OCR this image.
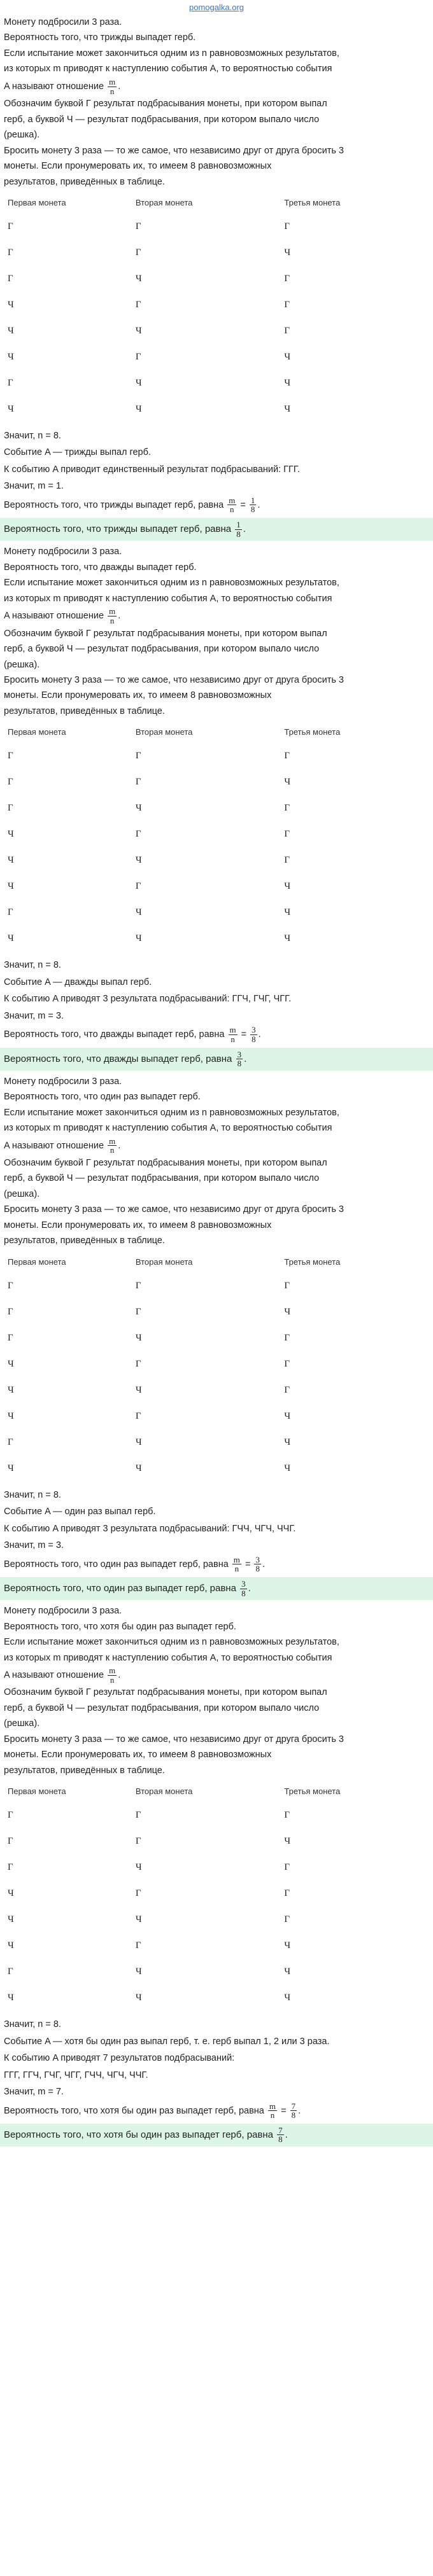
pomogalka.org
Монету подбросили 3 раза.
Вероятность того, что трижды выпадет герб.
Если испытание может закончиться одним из n равновозможных результатов,
из которых m приводят к наступлению события A, то вероятностью события
A называют отношение $\frac{m}{n}$ .
Обозначим буквой Г результат подбрасывания монеты, при котором выпал
герб, а буквой Ч — результат подбрасывания, при котором выпало число
(решка).
Бросить монету 3 раза — то же самое, что независимо друг от друга бросить 3
монеты. Если пронумеровать их, то имеем 8 равновозможных
результатов, приведённых в таблице.
Первая монета	Вторая монета	Третья монета
Г	Г	Г
Г	Г	Ч
Г	Ч	Г
Ч	Г	Г
Ч	Ч	Г
Ч	Г	Ч
Г	Ч	Ч
Ч	Ч	Ч
Значит, n = 8.
Событие A — трижды выпал герб.
К событию A приводит единственный результат подбрасываний: ГГГ.
Значит, m = 1.
Вероятность того, что трижды выпадет герб, равна $\frac{m}{n} = \frac{1}{8}$ .
Вероятность того, что трижды выпадет герб, равна $\frac{1}{8}$ .
Монету подбросили 3 раза.
Вероятность того, что дважды выпадет герб.
Если испытание может закончиться одним из n равновозможных результатов,
из которых m приводят к наступлению события A, то вероятностью события
A называют отношение $\frac{m}{n}$ .
Обозначим буквой Г результат подбрасывания монеты, при котором выпал
герб, а буквой Ч — результат подбрасывания, при котором выпало число
(решка).
Бросить монету 3 раза — то же самое, что независимо друг от друга бросить 3
монеты. Если пронумеровать их, то имеем 8 равновозможных
результатов, приведённых в таблице.
Первая монета	Вторая монета	Третья монета
Г	Г	Г
Г	Г	Ч
Г	Ч	Г
Ч	Г	Г
Ч	Ч	Г
Ч	Г	Ч
Г	Ч	Ч
Ч	Ч	Ч
Значит, n = 8.
Событие A — дважды выпал герб.
К событию A приводят 3 результата подбрасываний: ГГЧ, ГЧГ, ЧГГ.
Значит, m = 3.
Вероятность того, что дважды выпадет герб, равна $\frac{m}{n} = \frac{3}{8}$ .
Вероятность того, что дважды выпадет герб, равна $\frac{3}{8}$ .
Монету подбросили 3 раза.
Вероятность того, что один раз выпадет герб.
Если испытание может закончиться одним из n равновозможных результатов,
из которых m приводят к наступлению события A, то вероятностью события
A называют отношение $\frac{m}{n}$ .
Обозначим буквой Г результат подбрасывания монеты, при котором выпал
герб, а буквой Ч — результат подбрасывания, при котором выпало число
(решка).
Бросить монету 3 раза — то же самое, что независимо друг от друга бросить 3
монеты. Если пронумеровать их, то имеем 8 равновозможных
результатов, приведённых в таблице.
Первая монета	Вторая монета	Третья монета
Г	Г	Г
Г	Г	Ч
Г	Ч	Г
Ч	Г	Г
Ч	Ч	Г
Ч	Г	Ч
Г	Ч	Ч
Ч	Ч	Ч
Значит, n = 8.
Событие A — один раз выпал герб.
К событию A приводят 3 результата подбрасываний: ГЧЧ, ЧГЧ, ЧЧГ.
Значит, m = 3.
Вероятность того, что один раз выпадет герб, равна $\frac{m}{n} = \frac{3}{8}$ .
Вероятность того, что один раз выпадет герб, равна $\frac{3}{8}$ .
Монету подбросили 3 раза.
Вероятность того, что хотя бы один раз выпадет герб.
Если испытание может закончиться одним из n равновозможных результатов,
из которых m приводят к наступлению события A, то вероятностью события
A называют отношение $\frac{m}{n}$ .
Обозначим буквой Г результат подбрасывания монеты, при котором выпал
герб, а буквой Ч — результат подбрасывания, при котором выпало число
(решка).
Бросить монету 3 раза — то же самое, что независимо друг от друга бросить 3
монеты. Если пронумеровать их, то имеем 8 равновозможных
результатов, приведённых в таблице.
Первая монета	Вторая монета	Третья монета
Г	Г	Г
Г	Г	Ч
Г	Ч	Г
Ч	Г	Г
Ч	Ч	Г
Ч	Г	Ч
Г	Ч	Ч
Ч	Ч	Ч
Значит, n = 8.
Событие A — хотя бы один раз выпал герб, т. е. герб выпал 1, 2 или 3 раза.
К событию A приводят 7 результатов подбрасываний:
ГГГ, ГГЧ, ГЧГ, ЧГГ, ГЧЧ, ЧГЧ, ЧЧГ.
Значит, m = 7.
Вероятность того, что хотя бы один раз выпадет герб, равна $\frac{m}{n} = \frac{7}{8}$ .
Вероятность того, что хотя бы один раз выпадет герб, равна $\frac{7}{8}$ .
